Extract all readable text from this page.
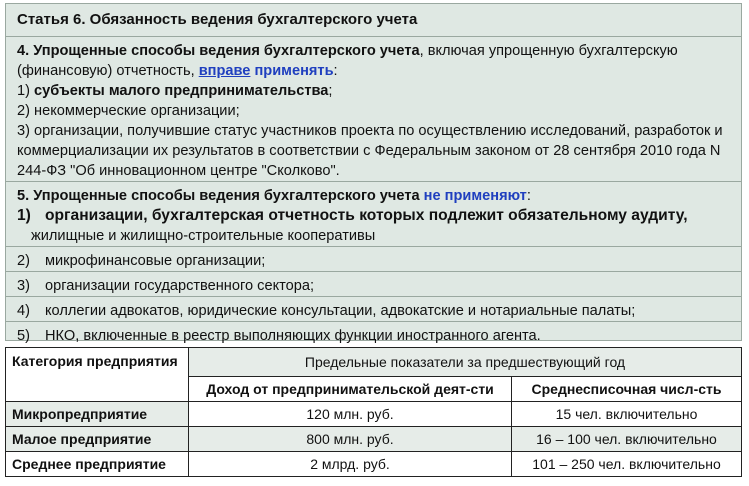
Статья 6. Обязанность ведения бухгалтерского учета

4. Упрощенные способы ведения бухгалтерского учета, включая упрощенную бухгалтерскую (финансовую) отчетность, вправе применять:

1) субъекты малого предпринимательства;

2) некоммерческие организации;

3) организации, получившие статус участников проекта по осуществлению исследований, разработок и коммерциализации их результатов в соответствии с Федеральным законом от 28 сентября 2010 года N 244-ФЗ "Об инновационном центре "Сколково".

5. Упрощенные способы ведения бухгалтерского учета не применяют:

1) организации, бухгалтерская отчетность которых подлежит обязательному аудиту,

жилищные и жилищно-строительные кооперативы

2) микрофинансовые организации;

3) организации государственного сектора;

4) коллегии адвокатов, юридические консультации, адвокатские и нотариальные палаты;

5) НКО, включенные в реестр выполняющих функции иностранного агента.

Категория предприятия	Предельные показатели за предшествующий год	
	Доход от предпринимательской деят-сти	Среднесписочная числ-сть
Микропредприятие	120 млн. руб.	15 чел. включительно
Малое предприятие	800 млн. руб.	16 – 100 чел. включительно
Среднее предприятие	2 млрд. руб.	101 – 250 чел. включительно
